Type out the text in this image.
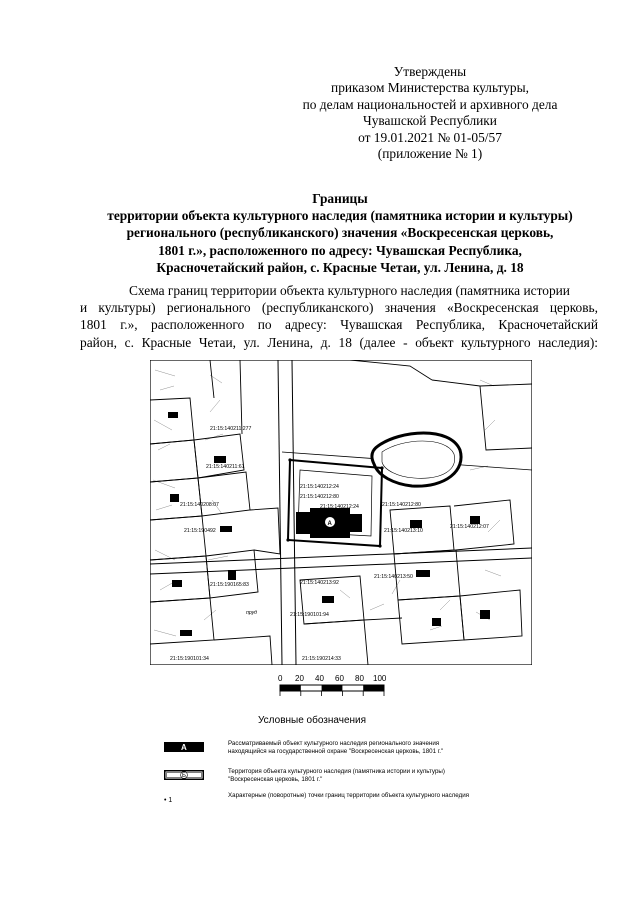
Утверждены
приказом Министерства культуры,
по делам национальностей и архивного дела
Чувашской Республики
от 19.01.2021 № 01-05/57
(приложение № 1)
Границы
территории объекта культурного наследия (памятника истории и культуры)
регионального (республиканского) значения «Воскресенская церковь,
1801 г.», расположенного по адресу: Чувашская Республика,
Красночетайский район, с. Красные Четаи, ул. Ленина, д. 18
Схема границ территории объекта культурного наследия (памятника истории
и культуры) регионального (республиканского) значения «Воскресенская церковь,
1801 г.», расположенного по адресу: Чувашская Республика, Красночетайский
район, с. Красные Четаи, ул. Ленина, д. 18 (далее - объект культурного наследия):
A
21:15:140211:277
21:15:140211:61
21:15:140208:07
21:15:190492
21:15:140212:24
21:15:140212:80
21:15:140212:24	21:15:140212:80
21:15:140212:07
21:15:140213:10
21:15:140213:50
21:15:140213:92
21:15:190101:94
21:15:190101:34	21:15:190214:33
21:15:190165:83
пруд
0 20 40 60 80 100
Условные обозначения
A	Рассматриваемый объект культурного наследия регионального значения
находящийся на государственной охране "Воскресенская церковь, 1801 г."
Б
Территория объекта культурного наследия (памятника истории и культуры)
"Воскресенская церковь, 1801 г."
• 1
Характерные (поворотные) точки границ территории объекта культурного наследия
